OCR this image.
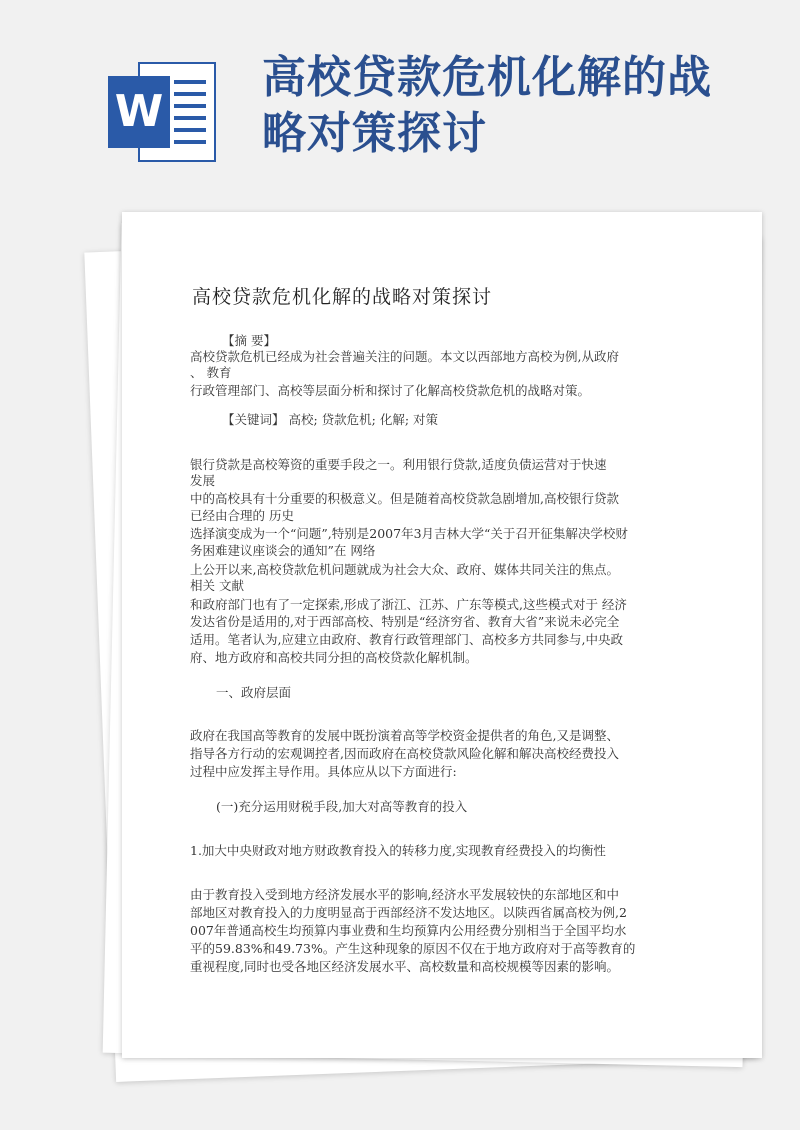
W
高校贷款危机化解的战
略对策探讨
高校贷款危机化解的战略对策探讨

【摘 要】

高校贷款危机已经成为社会普遍关注的问题。本文以西部地方高校为例,从政府

、 教育

行政管理部门、高校等层面分析和探讨了化解高校贷款危机的战略对策。

【关键词】 高校; 贷款危机; 化解; 对策

银行贷款是高校筹资的重要手段之一。利用银行贷款,适度负债运营对于快速

发展

中的高校具有十分重要的积极意义。但是随着高校贷款急剧增加,高校银行贷款

已经由合理的 历史

选择演变成为一个“问题”,特别是2007年3月吉林大学“关于召开征集解决学校财

务困难建议座谈会的通知”在 网络

上公开以来,高校贷款危机问题就成为社会大众、政府、媒体共同关注的焦点。

相关 文献

和政府部门也有了一定探索,形成了浙江、江苏、广东等模式,这些模式对于 经济

发达省份是适用的,对于西部高校、特别是“经济穷省、教育大省”来说未必完全

适用。笔者认为,应建立由政府、教育行政管理部门、高校多方共同参与,中央政

府、地方政府和高校共同分担的高校贷款化解机制。

一、政府层面

政府在我国高等教育的发展中既扮演着高等学校资金提供者的角色,又是调整、

指导各方行动的宏观调控者,因而政府在高校贷款风险化解和解决高校经费投入

过程中应发挥主导作用。具体应从以下方面进行:

(一)充分运用财税手段,加大对高等教育的投入

1.加大中央财政对地方财政教育投入的转移力度,实现教育经费投入的均衡性

由于教育投入受到地方经济发展水平的影响,经济水平发展较快的东部地区和中

部地区对教育投入的力度明显高于西部经济不发达地区。以陕西省属高校为例,2

007年普通高校生均预算内事业费和生均预算内公用经费分别相当于全国平均水

平的59.83%和49.73%。产生这种现象的原因不仅在于地方政府对于高等教育的

重视程度,同时也受各地区经济发展水平、高校数量和高校规模等因素的影响。
